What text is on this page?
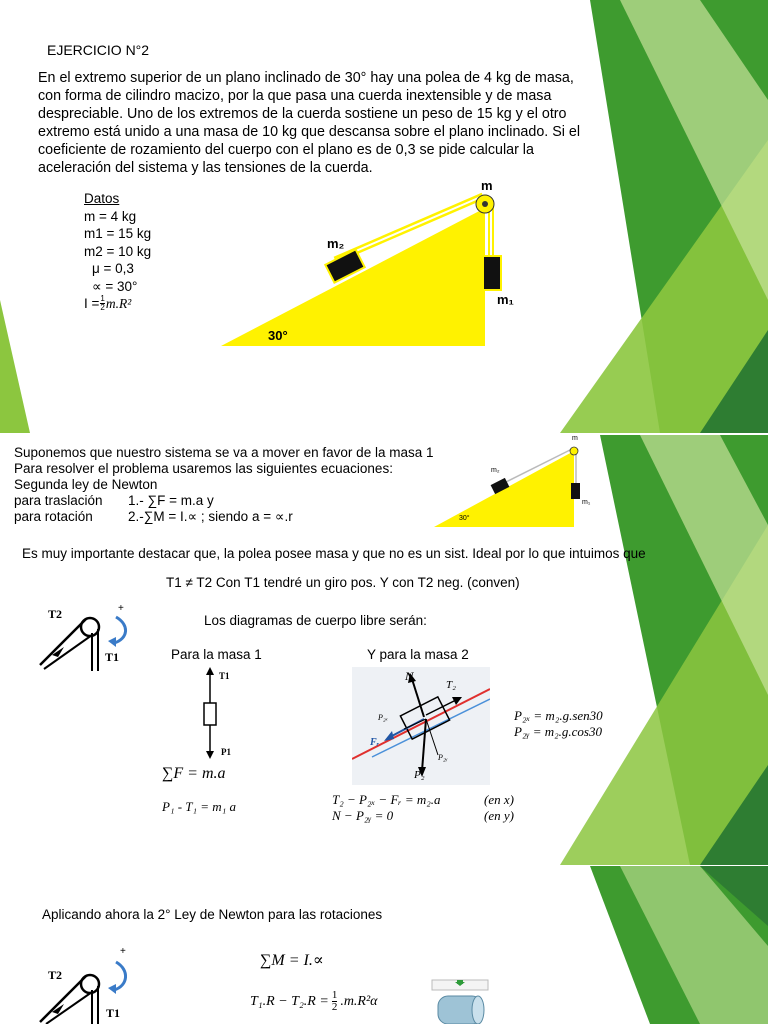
EJERCICIO N°2
En el extremo superior de un plano inclinado de 30° hay una polea de 4 kg de masa,
con forma de cilindro macizo, por la que pasa una cuerda inextensible y de masa
despreciable. Uno de los extremos de la cuerda sostiene un peso de 15 kg y el otro
extremo está unido a una masa de 10 kg que descansa sobre el plano inclinado. Si el
coeficiente de rozamiento del cuerpo con el plano es de 0,3 se pide calcular la
aceleración del sistema y las tensiones de la cuerda.
Datos
m = 4 kg
m1 = 15 kg
m2 = 10 kg
μ = 0,3
∝ = 30°
$I = \frac{1}{2} m.R^2$
m
m₂
m₁
30°
Suponemos que nuestro sistema se va a mover en favor de la masa 1
Para resolver el problema usaremos las siguientes ecuaciones:
Segunda ley de Newton
para traslación	1.- ∑F = m.a y
para rotación	2.-∑M = I.∝ ; siendo a = ∝.r
m
m₂
m₁
30°
Es muy importante destacar que, la polea posee masa y que no es un sist. Ideal por lo que intuimos que
T1 ≠ T2 Con T1 tendré un giro pos. Y con T2 neg. (conven)
Los diagramas de cuerpo libre serán:
Para la masa 1	Y para la masa 2
T2
T1
+
T1
P1
∑F = m.a
P₁ - T₁ = m₁ a
N
T₂
Fᵣ
P₂
P₂ₓ
P₂ᵧ
P₂ₓ = m₂.g.sen30
P₂ᵧ = m₂.g.cos30
T₂ − P₂ₓ − Fᵣ = m₂.a	(en x)
N − P₂ᵧ = 0	(en y)
Aplicando ahora la 2° Ley de Newton para las rotaciones
T2
T1
+
∑M = I.∝
$T_1.R - T_2.R = \frac{1}{2} .m.R^2\alpha$
